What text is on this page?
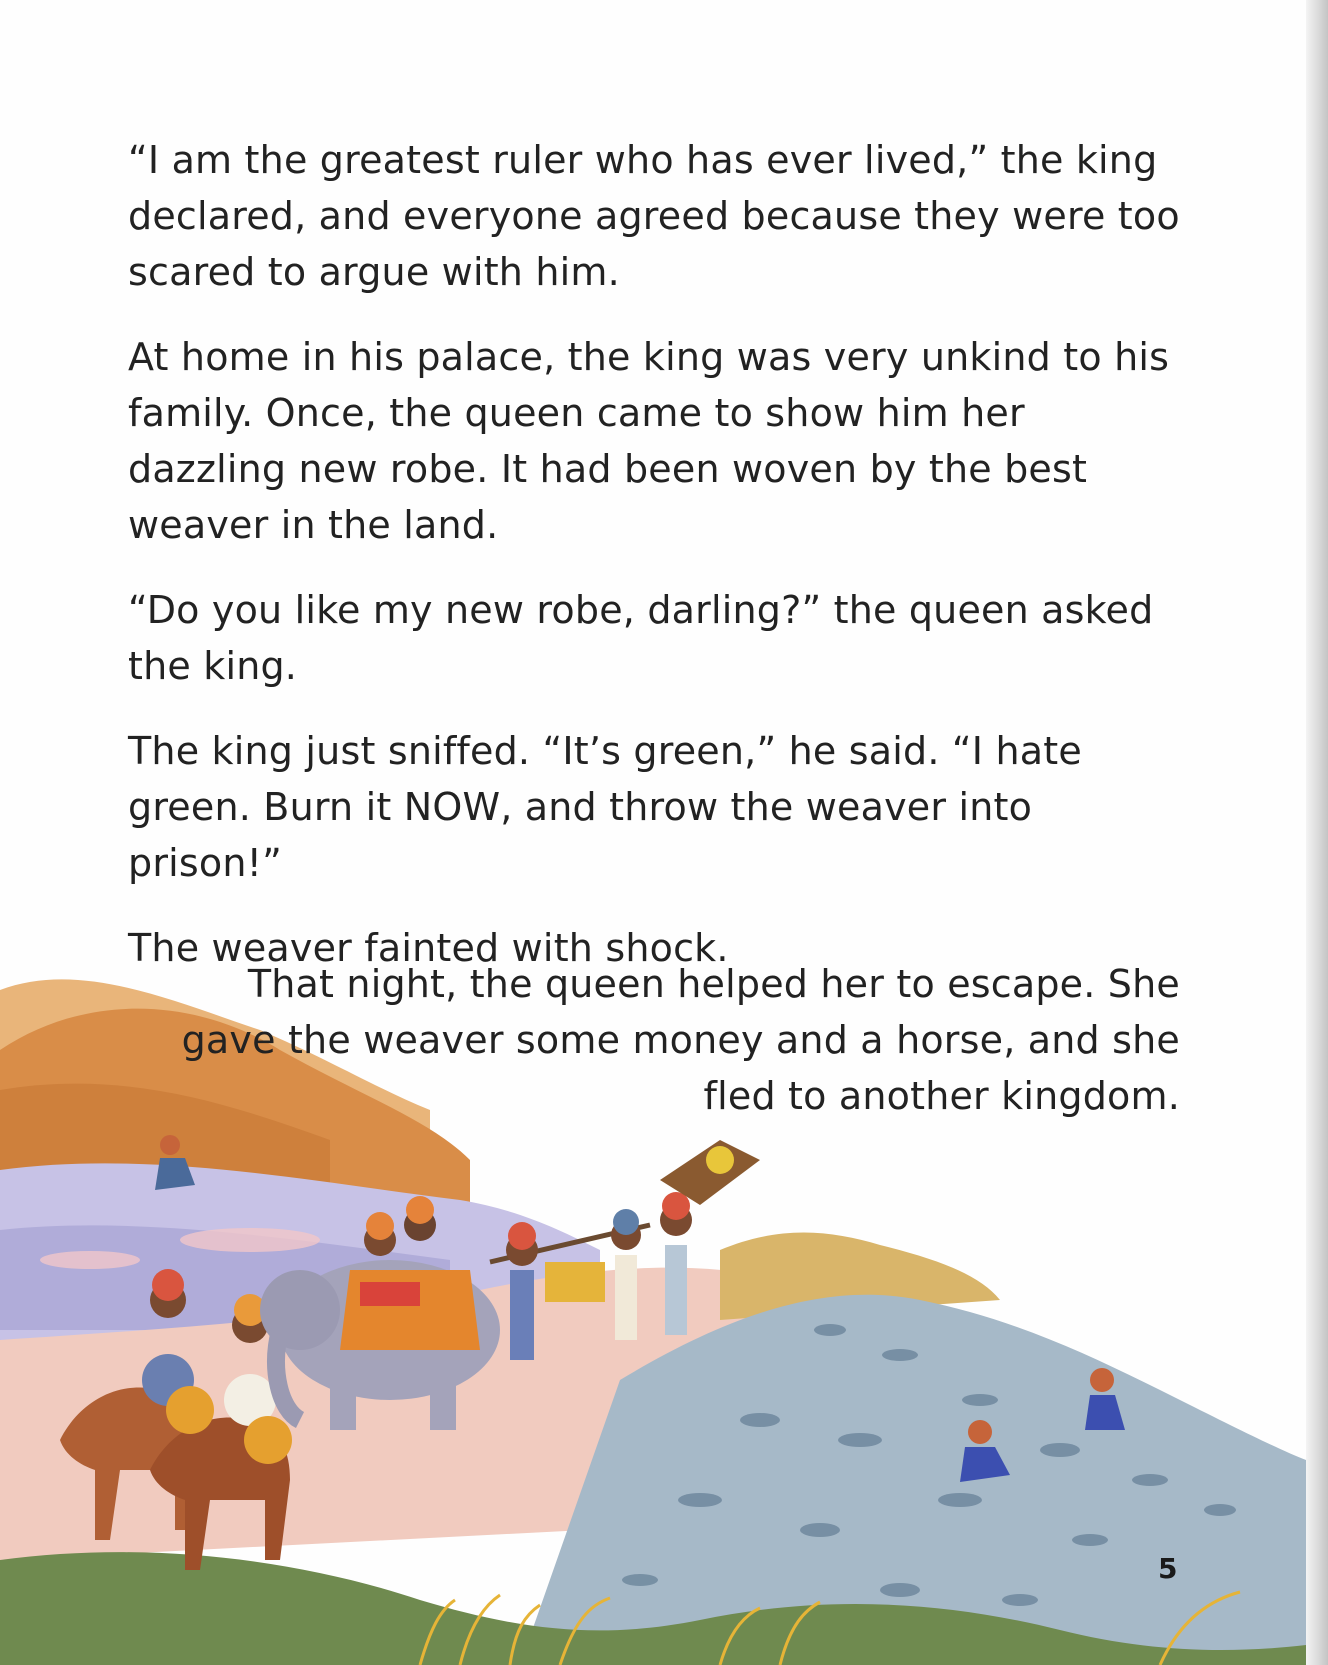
“I am the greatest ruler who has ever lived,” the king declared, and everyone agreed because they were too scared to argue with him.

At home in his palace, the king was very unkind to his family. Once, the queen came to show him her dazzling new robe. It had been woven by the best weaver in the land.

“Do you like my new robe, darling?” the queen asked the king.

The king just sniffed. “It’s green,” he said. “I hate green. Burn it NOW, and throw the weaver into prison!”

The weaver fainted with shock.

That night, the queen helped her to escape. She gave the weaver some money and a horse, and she fled to another kingdom.

5
